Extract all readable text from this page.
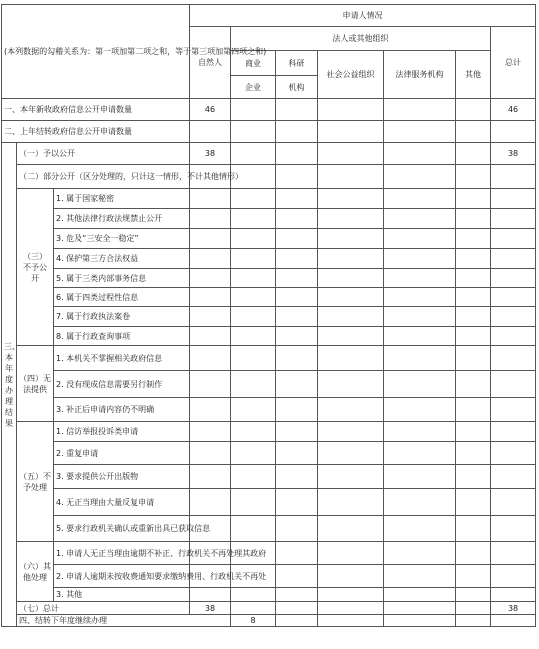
(本列数据的勾稽关系为：第一项加第二项之和，等于第三项加第四项之和)			申请人情况							
			自然人	法人或其他组织					总计	
				商业	科研	社会公益组织	法律服务机构	其他		
				企业	机构					
一、本年新收政府信息公开申请数量			46						46	
二、上年结转政府信息公开申请数量										
三、本年度办理结果	（一）予以公开		38						38	
	（二）部分公开（区分处理的，只计这一情形，不计其他情形）									
	（三）不予公开	1. 属于国家秘密								
		2. 其他法律行政法规禁止公开								
		3. 危及“三安全一稳定”								
		4. 保护第三方合法权益								
		5. 属于三类内部事务信息								
		6. 属于四类过程性信息								
		7. 属于行政执法案卷								
		8. 属于行政查询事项								
	（四）无法提供	1. 本机关不掌握相关政府信息								
		2. 没有现成信息需要另行制作								
		3. 补正后申请内容仍不明确								
	（五）不予处理	1. 信访举报投诉类申请								
		2. 重复申请								
		3. 要求提供公开出版物								
		4. 无正当理由大量反复申请								
		5. 要求行政机关确认或重新出具已获取信息								
	（六）其他处理	1. 申请人无正当理由逾期不补正、行政机关不再处理其政府								
		2. 申请人逾期未按收费通知要求缴纳费用、行政机关不再处								
		3. 其他								
	（七）总计		38						38	
	四、结转下年度继续办理			8						
